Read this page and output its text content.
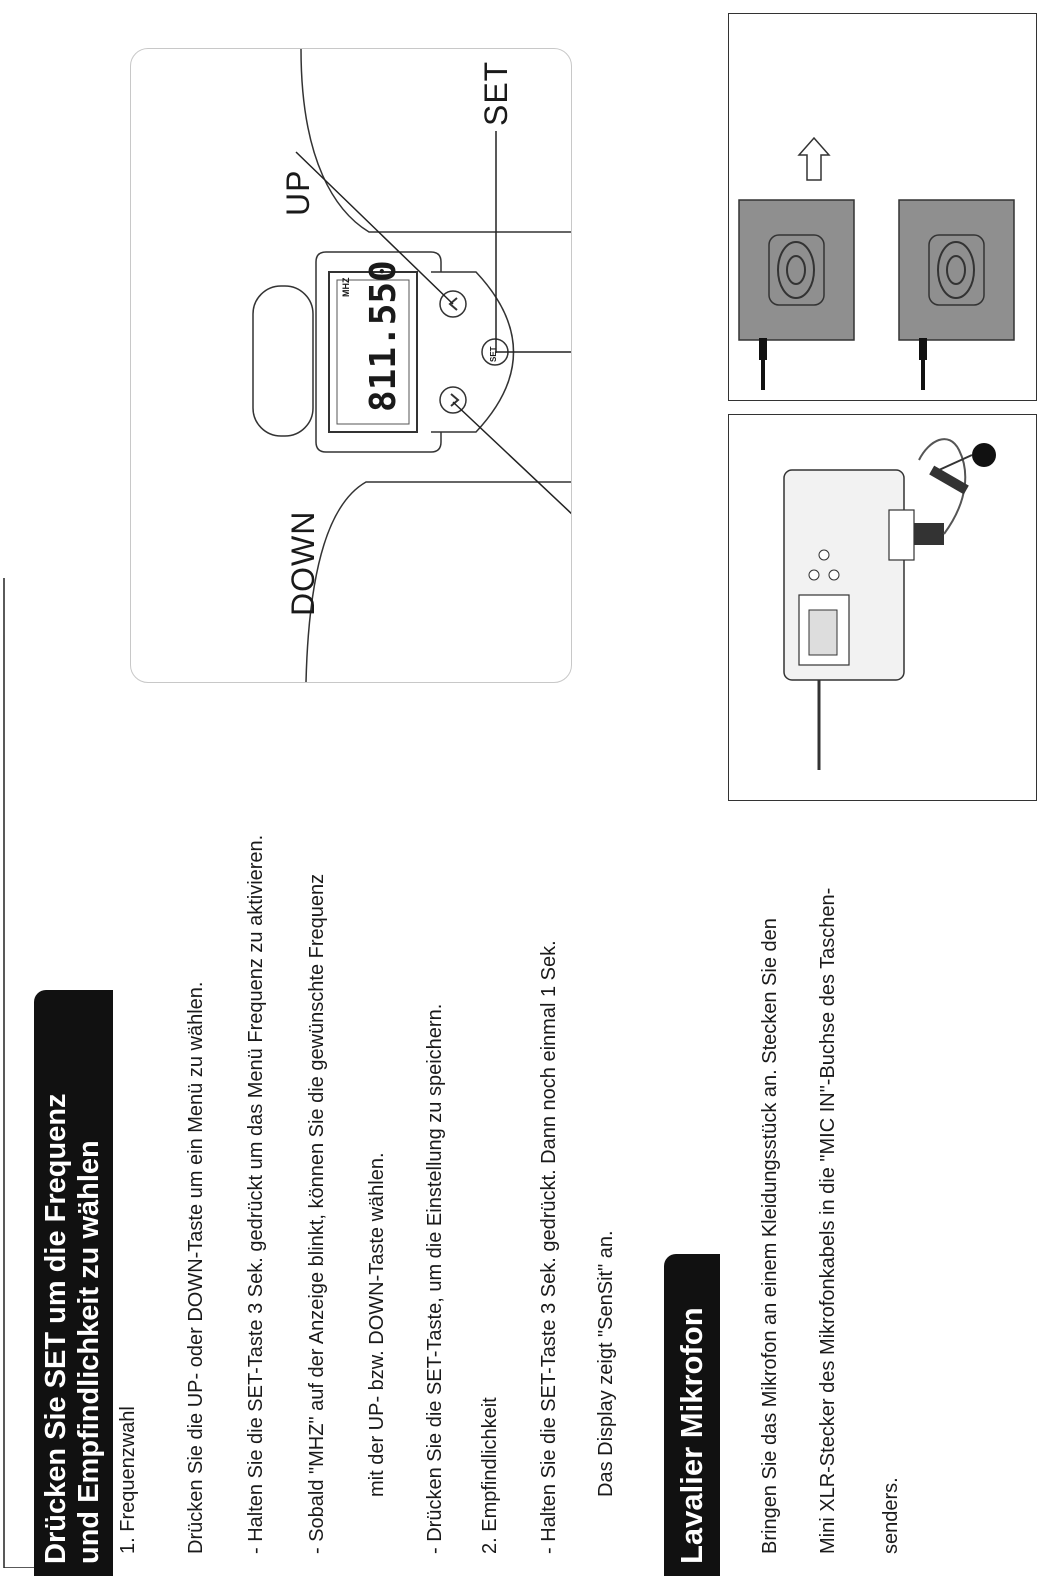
Drücken Sie SET um die Frequenz und Empfindlichkeit zu wählen 1. Frequenzwahl Drücken Sie die UP- oder DOWN-Taste um ein Menü zu wählen. - Halten Sie die SET-Taste 3 Sek. gedrückt um das Menü Frequenz zu aktivieren. - Sobald "MHZ" auf der Anzeige blinkt, können Sie die gewünschte Frequenz mit der UP- bzw. DOWN-Taste wählen. - Drücken Sie die SET-Taste, um die Einstellung zu speichern. 2. Empfindlichkeit - Halten Sie die SET-Taste 3 Sek. gedrückt. Dann noch einmal 1 Sek. Das Display zeigt "SenSit" an.	Lavalier Mikrofon	Bringen Sie das Mikrofon an einem Kleidungsstück an. Stecken Sie den Mini XLR-Stecker des Mikrofonkabels in die "MIC IN"-Buchse des Taschen- senders.
811.550
MHZ
SET
DOWN
UP
SET
